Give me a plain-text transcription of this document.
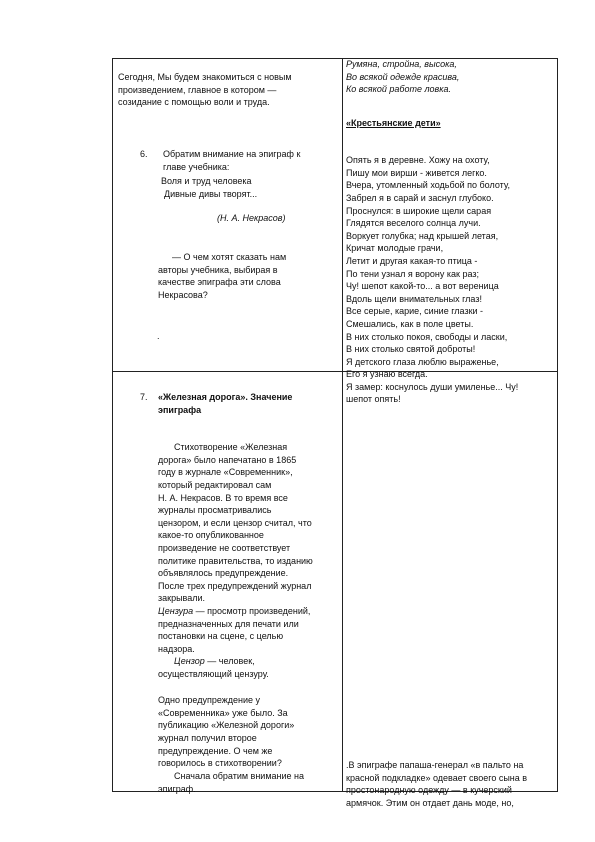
Сегодня, Мы будем знакомиться с новым
произведением, главное в котором —
созидание с помощью воли и труда.
6. Обратим внимание на эпиграф к
главе учебника:
Воля и труд человека
Дивные дивы творят...
(Н. А. Некрасов)
— О чем хотят сказать нам
авторы учебника, выбирая в
качестве эпиграфа эти слова
Некрасова?
.
Румяна, стройна, высока,
Во всякой одежде красива,
Ко всякой работе ловка.
«Крестьянские дети»

Опять я в деревне. Хожу на охоту,
Пишу мои вирши - живется легко.
Вчера, утомленный ходьбой по болоту,
Забрел я в сарай и заснул глубоко.
Проснулся: в широкие щели сарая
Глядятся веселого солнца лучи.
Воркует голубка; над крышей летая,
Кричат молодые грачи,
Летит и другая какая-то птица -
По тени узнал я ворону как раз;
Чу! шепот какой-то... а вот вереница
Вдоль щели внимательных глаз!
Все серые, карие, синие глазки -
Смешались, как в поле цветы.
В них столько покоя, свободы и ласки,
В них столько святой доброты!
Я детского глаза люблю выраженье,
Его я узнаю всегда.
Я замер: коснулось души умиленье... Чу!
шепот опять!

7. «Железная дорога». Значение
эпиграфа

Стихотворение «Железная
дорога» было напечатано в 1865
году в журнале «Современник»,
который редактировал сам
Н. А. Некрасов. В то время все
журналы просматривались
цензором, и если цензор считал, что
какое-то опубликованное
произведение не соответствует
политике правительства, то изданию
объявлялось предупреждение.
После трех предупреждений журнал
закрывали.

Цензура — просмотр произведений,
предназначенных для печати или
постановки на сцене, с целью
надзора.

Цензор — человек,
осуществляющий цензуру.

Одно предупреждение у
«Современника» уже было. За
публикацию «Железной дороги»
журнал получил второе
предупреждение. О чем же
говорилось в стихотворении?

Сначала обратим внимание на
эпиграф.

.В эпиграфе папаша-генерал «в пальто на
красной подкладке» одевает своего сына в
простонародную одежду — в кучерский
армячок. Этим он отдает дань моде, но,
